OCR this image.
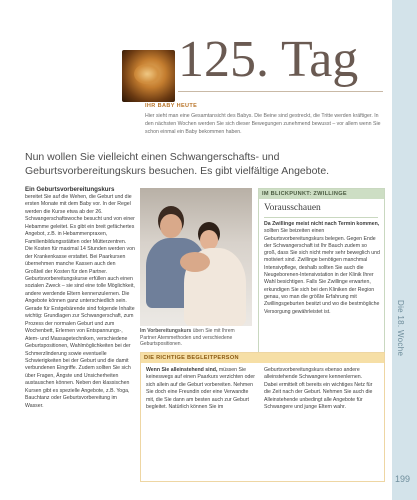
Die 18. Woche
199
125. Tag
IHR BABY HEUTE
Hier sieht man eine Gesamtansicht des Babys. Die Beine sind gestreckt, die Tritte werden kräftiger. In den nächsten Wochen werden Sie sich dieser Bewegungen zunehmend bewusst – vor allem wenn Sie schon einmal ein Baby bekommen haben.
Nun wollen Sie vielleicht einen Schwangerschafts- und Geburtsvorbereitungskurs besuchen. Es gibt vielfältige Angebote.
Ein Geburtsvorbereitungskurs
bereitet Sie auf die Wehen, die Geburt und die ersten Monate mit dem Baby vor. In der Regel werden die Kurse etwa ab der 26. Schwangerschaftswoche besucht und von einer Hebamme geleitet. Es gibt ein breit gefächertes Angebot, z.B. in Hebammenpraxen, Familienbildungsstätten oder Mütterzentren. Die Kosten für maximal 14 Stunden werden von der Krankenkasse erstattet. Bei Paarkursen übernehmen manche Kassen auch den Großteil der Kosten für den Partner. Geburtsvorbereitungskurse erfüllen auch einen sozialen Zweck – sie sind eine tolle Möglichkeit, andere werdende Eltern kennenzulernen. Die Angebote können ganz unterschiedlich sein. Gerade für Erstgebärende sind folgende Inhalte wichtig: Grundlagen zur Schwangerschaft, zum Prozess der normalen Geburt und zum Wochenbett, Erlernen von Entspannungs-, Atem- und Massagetechniken, verschiedene Geburtspositionen, Wahlmöglichkeiten bei der Schmerzlinderung sowie eventuelle Schwierigkeiten bei der Geburt und die damit verbundenen Eingriffe. Zudem sollten Sie sich über Fragen, Ängste und Unsicherheiten austauschen können. Neben den klassischen Kursen gibt es spezielle Angebote, z.B. Yoga, Bauchtanz oder Geburtsvorbereitung im Wasser.
Im Vorbereitungskurs üben Sie mit Ihrem Partner Atemmethoden und verschiedene Geburtspositionen.
IM BLICKPUNKT: ZWILLINGE
Vorausschauen
Da Zwillinge meist nicht nach Termin kommen, sollten Sie beizeiten einen Geburtsvorbereitungskurs belegen. Gegen Ende der Schwangerschaft ist Ihr Bauch zudem so groß, dass Sie sich nicht mehr sehr beweglich und motiviert sind. Zwillinge benötigen manchmal Intensivpflege, deshalb sollten Sie auch die Neugeborenen-Intensivstation in der Klinik Ihrer Wahl besichtigen. Falls Sie Zwillinge erwarten, erkundigen Sie sich bei den Kliniken der Region genau, wo man die größte Erfahrung mit Zwillingsgeburten besitzt und wo die bestmögliche Versorgung gewährleistet ist.
DIE RICHTIGE BEGLEITPERSON
Wenn Sie alleinstehend sind, müssen Sie keineswegs auf einen Paarkurs verzichten oder sich allein auf die Geburt vorbereiten. Nehmen Sie doch eine Freundin oder eine Verwandte mit, die Sie dann am besten auch zur Geburt begleitet. Natürlich können Sie im
Geburtsvorbereitungskurs ebenso andere alleinstehende Schwangere kennenlernen. Dabei ermittelt oft bereits ein wichtiges Netz für die Zeit nach der Geburt. Nehmen Sie auch die Alleinstehende unbedingt alle Angebote für Schwangere und junge Eltern wahr.
